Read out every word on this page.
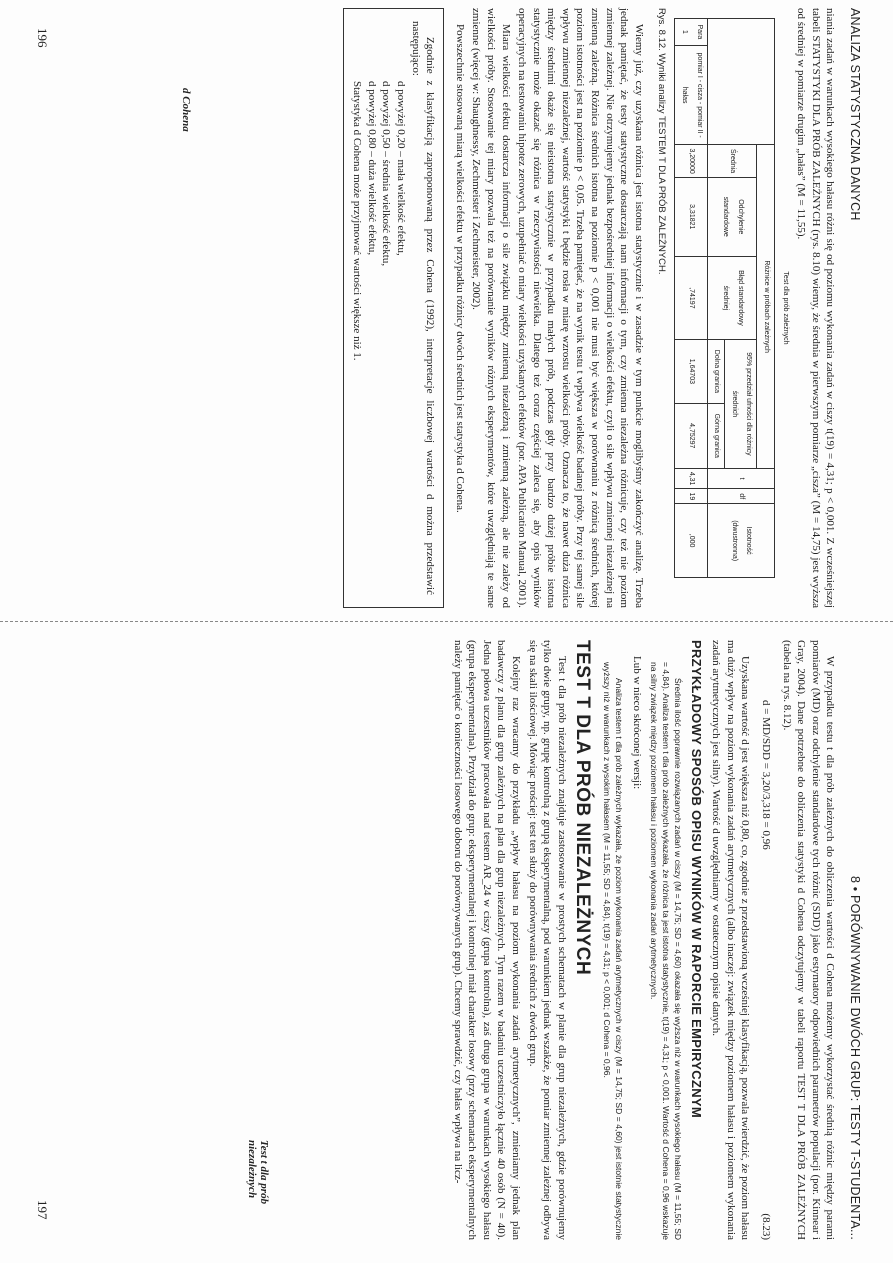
ANALIZA STATYSTYCZNA DANYCH

niania zadań w warunkach wysokiego hałasu różni się od poziomu wykonania zadań w ciszy t(19) = 4,31; p < 0,001. Z wcześniejszej tabeli STATYSTYKI DLA PRÓB ZALEŻNYCH (rys. 8.10) wiemy, że średnia w pierwszym pomiarze „cisza” (M = 14,75) jest wyższa od średniej w pomiarze drugim „hałas” (M = 11,55).

Test dla prób zależnych
		Różnice w próbach zależnych					t	df	Istotność (dwustronna)
		Średnia	Odchylenie standardowe	Błąd standardowy średniej	95% przedział ufności dla różnicy średnich				
					Dolna granica	Górna granica			
Para 1	pomiar I - cisza - pomiar II - hałas	3,20000	3,31821	,74197	1,64703	4,75297	4,31	19	,000
Rys. 8.12. Wyniki analizy TESTEM T DLA PRÓB ZALEŻNYCH.

Wiemy już, czy uzyskana różnica jest istotna statystycznie i w zasadzie w tym punkcie moglibyśmy zakończyć analizę. Trzeba jednak pamiętać, że testy statystyczne dostarczają nam informacji o tym, czy zmienna niezależna różnicuje, czy też nie poziom zmiennej zależnej. Nie otrzymujemy jednak bezpośredniej informacji o wielkości efektu, czyli o sile wpływu zmiennej niezależnej na zmienną zależną. Różnica średnich istotna na poziomie p < 0,001 nie musi być większa w porównaniu z różnicą średnich, której poziom istotności jest na poziomie p < 0,05. Trzeba pamiętać, że na wynik testu t wpływa wielkość badanej próby. Przy tej samej sile wpływu zmiennej niezależnej, wartość statystyki t będzie rosła w miarę wzrostu wielkości próby. Oznacza to, że nawet duża różnica między średnimi okaże się nieistotna statystycznie w przypadku małych prób, podczas gdy przy bardzo dużej próbie istotna statystycznie może okazać się różnica w rzeczywistości niewielka. Dlatego też coraz częściej zaleca się, aby opis wyników operacyjnych na testowaniu hipotez zerowych, uzupełniać o miary wielkości uzyskanych efektów (por. APA Publication Manual, 2001).

Miara wielkości efektu dostarcza informacji o sile związku między zmienną niezależną i zmienną zależną, ale nie zależy od wielkości próby. Stosowanie tej miary pozwala też na porównanie wyników różnych eksperymentów, które uwzględniają te same zmienne (więcej w: Shaughnessy, Zechmeister i Zechmeister, 2002).

Powszechnie stosowaną miarą wielkości efektu w przypadku różnicy dwóch średnich jest statystyka d Cohena.

Zgodnie z klasyfikacją zaproponowaną przez Cohena (1992), interpretacje liczbowej wartości d można przedstawić następująco:

d powyżej 0,20 – mała wielkość efektu,

d powyżej 0,50 – średnia wielkość efektu,

d powyżej 0,80 – duża wielkość efektu,

Statystyka d Cohena może przyjmować wartości większe niż 1.

d Cohena
196
8 • PORÓWNYWANIE DWÓCH GRUP: TESTY T-STUDENTA...

W przypadku testu t dla prób zależnych do obliczenia wartości d Cohena możemy wykorzystać średnią różnic między parami pomiarów (MD) oraz odchylenie standardowe tych różnic (SDD) jako estymatory odpowiednich parametrów populacji (por. Kinnear i Gray, 2004). Dane potrzebne do obliczenia statystyki d Cohena odczytujemy w tabeli raportu TEST T DLA PRÓB ZALEŻNYCH (tabela na rys. 8.12).

d = MD/SDD = 3,20/3,318 = 0,96
(8.23)

Uzyskana wartość d jest większa niż 0,80, co, zgodnie z przedstawioną wcześniej klasyfikacją, pozwala twierdzić, że poziom hałasu ma duży wpływ na poziom wykonania zadań arytmetycznych (albo inaczej: związek między poziomem hałasu i poziomem wykonania zadań arytmetycznych jest silny). Wartość d uwzględniamy w ostatecznym opisie danych.

PRZYKŁADOWY SPOSÓB OPISU WYNIKÓW W RAPORCIE EMPIRYCZNYM

Średnia ilość poprawnie rozwiązanych zadań w ciszy (M = 14,75; SD = 4,60) okazała się wyższa niż w warunkach wysokiego hałasu (M = 11,55; SD = 4,84). Analiza testem t dla prób zależnych wykazała, że różnica ta jest istotna statystycznie, t(19) = 4,31; p < 0,001. Wartość d Cohena = 0,96 wskazuje na silny związek między poziomem hałasu i poziomem wykonania zadań arytmetycznych.

Lub w nieco skróconej wersji:

Analiza testem t dla prób zależnych wykazała, że poziom wykonania zadań arytmetycznych w ciszy (M = 14,75; SD = 4,60) jest istotnie statystycznie wyższy niż w warunkach z wysokim hałasem (M = 11,55; SD = 4,84), t(19) = 4,31; p < 0,001; d Cohena = 0,96.

TEST T DLA PRÓB NIEZALEŻNYCH

Test t dla prób niezależnych znajduje zastosowanie w prostych schematach w planie dla grup niezależnych, gdzie porównujemy tylko dwie grupy, np. grupę kontrolną z grupą eksperymentalną, pod warunkiem jednak wszakże, że pomiar zmiennej zależnej odbywa się na skali ilościowej. Mówiąc prościej: test ten służy do porównywania średnich z dwóch grup.

Kolejny raz wracamy do przykładu „wpływ hałasu na poziom wykonania zadań arytmetycznych”, zmieniamy jednak plan badawczy z planu dla grup zależnych na plan dla grup niezależnych. Tym razem w badaniu uczestniczyło łącznie 40 osób (N = 40). Jedna połowa uczestników pracowała nad testem AR_24 w ciszy (grupa kontrolna), zaś druga grupa w warunkach wysokiego hałasu (grupa eksperymentalna). Przydział do grup: eksperymentalnej i kontrolnej miał charakter losowy (przy schematach eksperymentalnych należy pamiętać o konieczności losowego doboru do porównywanych grup). Chcemy sprawdzić, czy hałas wpływa na licz-

Test t dla prób niezależnych
197
